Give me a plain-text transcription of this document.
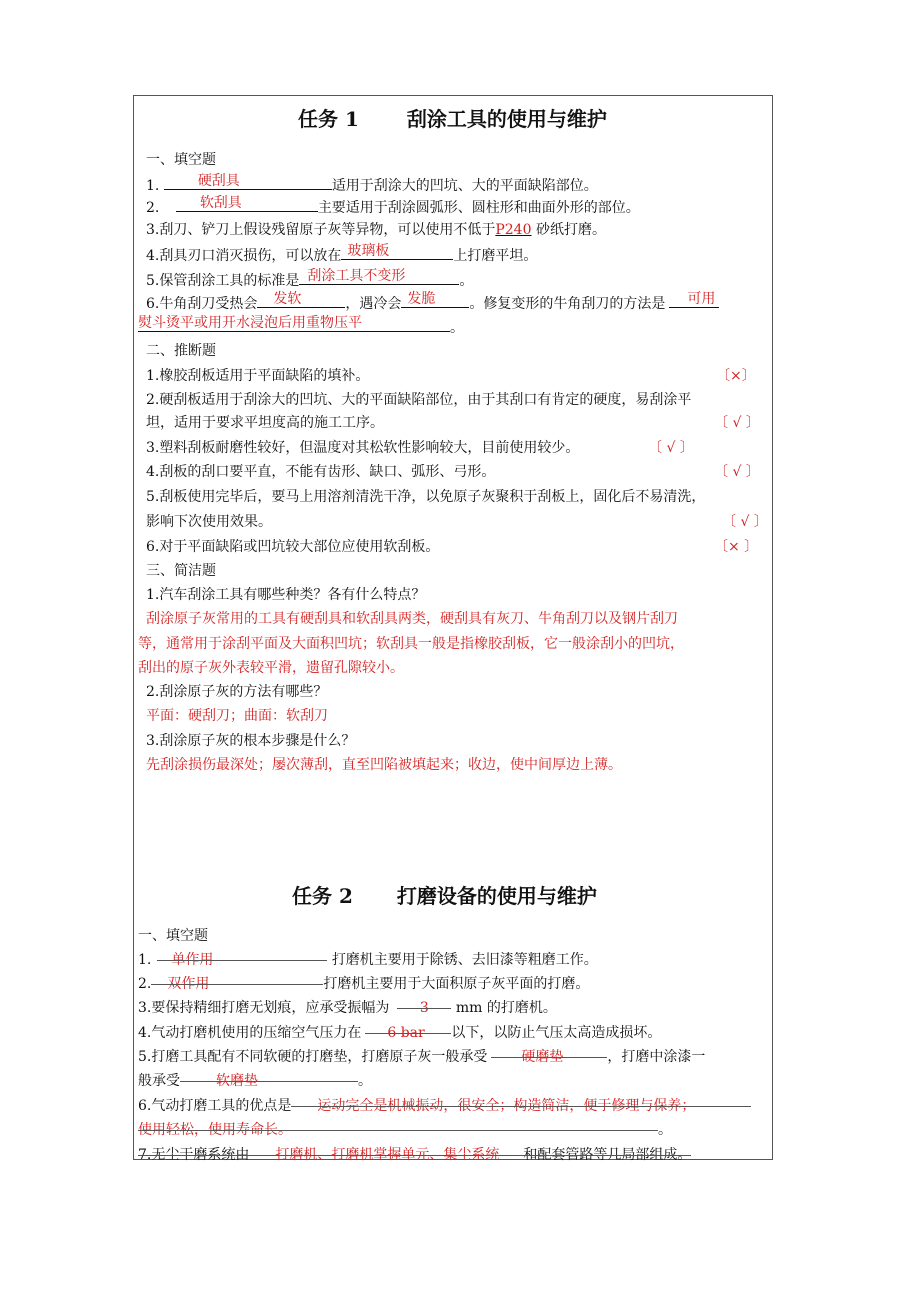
任务 1 刮涂工具的使用与维护
一、填空题
1.	硬刮具	适用于刮涂大的凹坑、大的平面缺陷部位。
2.	软刮具	主要适用于刮涂圆弧形、圆柱形和曲面外形的部位。
3.刮刀、铲刀上假设残留原子灰等异物，可以使用不低于P240 砂纸打磨。
4.刮具刃口消灭损伤，可以放在 玻璃板	上打磨平坦。
5.保管刮涂工具的标准是 刮涂工具不变形	。
6.牛角刮刀受热会 发软	，遇冷会 发脆 。修复变形的牛角刮刀的方法是 可用
熨斗烫平或用开水浸泡后用重物压平	。
二、推断题
1.橡胶刮板适用于平面缺陷的填补。	〔×〕
2.硬刮板适用于刮涂大的凹坑、大的平面缺陷部位，由于其刮口有肯定的硬度，易刮涂平
坦，适用于要求平坦度高的施工工序。	〔 √ 〕
3.塑料刮板耐磨性较好，但温度对其松软性影响较大，目前使用较少。	〔 √ 〕
4.刮板的刮口要平直，不能有齿形、缺口、弧形、弓形。	〔 √ 〕
5.刮板使用完毕后，要马上用溶剂清洗干净，以免原子灰聚积于刮板上，固化后不易清洗，
影响下次使用效果。	〔 √ 〕
6.对于平面缺陷或凹坑较大部位应使用软刮板。	〔× 〕
三、简洁题
1.汽车刮涂工具有哪些种类？各有什么特点？
刮涂原子灰常用的工具有硬刮具和软刮具两类，硬刮具有灰刀、牛角刮刀以及钢片刮刀
等，通常用于涂刮平面及大面积凹坑；软刮具一般是指橡胶刮板，它一般涂刮小的凹坑，
刮出的原子灰外表较平滑，遗留孔隙较小。
2.刮涂原子灰的方法有哪些？
平面：硬刮刀；曲面：软刮刀
3.刮涂原子灰的根本步骤是什么？
先刮涂损伤最深处；屡次薄刮，直至凹陷被填起来；收边，使中间厚边上薄。
任务 2 打磨设备的使用与维护
一、填空题
1. 单作用	打磨机主要用于除锈、去旧漆等粗磨工作。
2. 双作用	打磨机主要用于大面积原子灰平面的打磨。
3.要保持精细打磨无划痕，应承受振幅为 3 mm 的打磨机。
4.气动打磨机使用的压缩空气压力在 6 bar 以下，以防止气压太高造成损坏。
5.打磨工具配有不同软硬的打磨垫，打磨原子灰一般承受 硬磨垫	，打磨中涂漆一
般承受	软磨垫	。
6.气动打磨工具的优点是 运动完全是机械振动，很安全；构造简洁，便于修理与保养；
使用轻松，使用寿命长。	。
7.无尘干磨系统由 打磨机、打磨机掌握单元、集尘系统 和配套管路等几局部组成。
